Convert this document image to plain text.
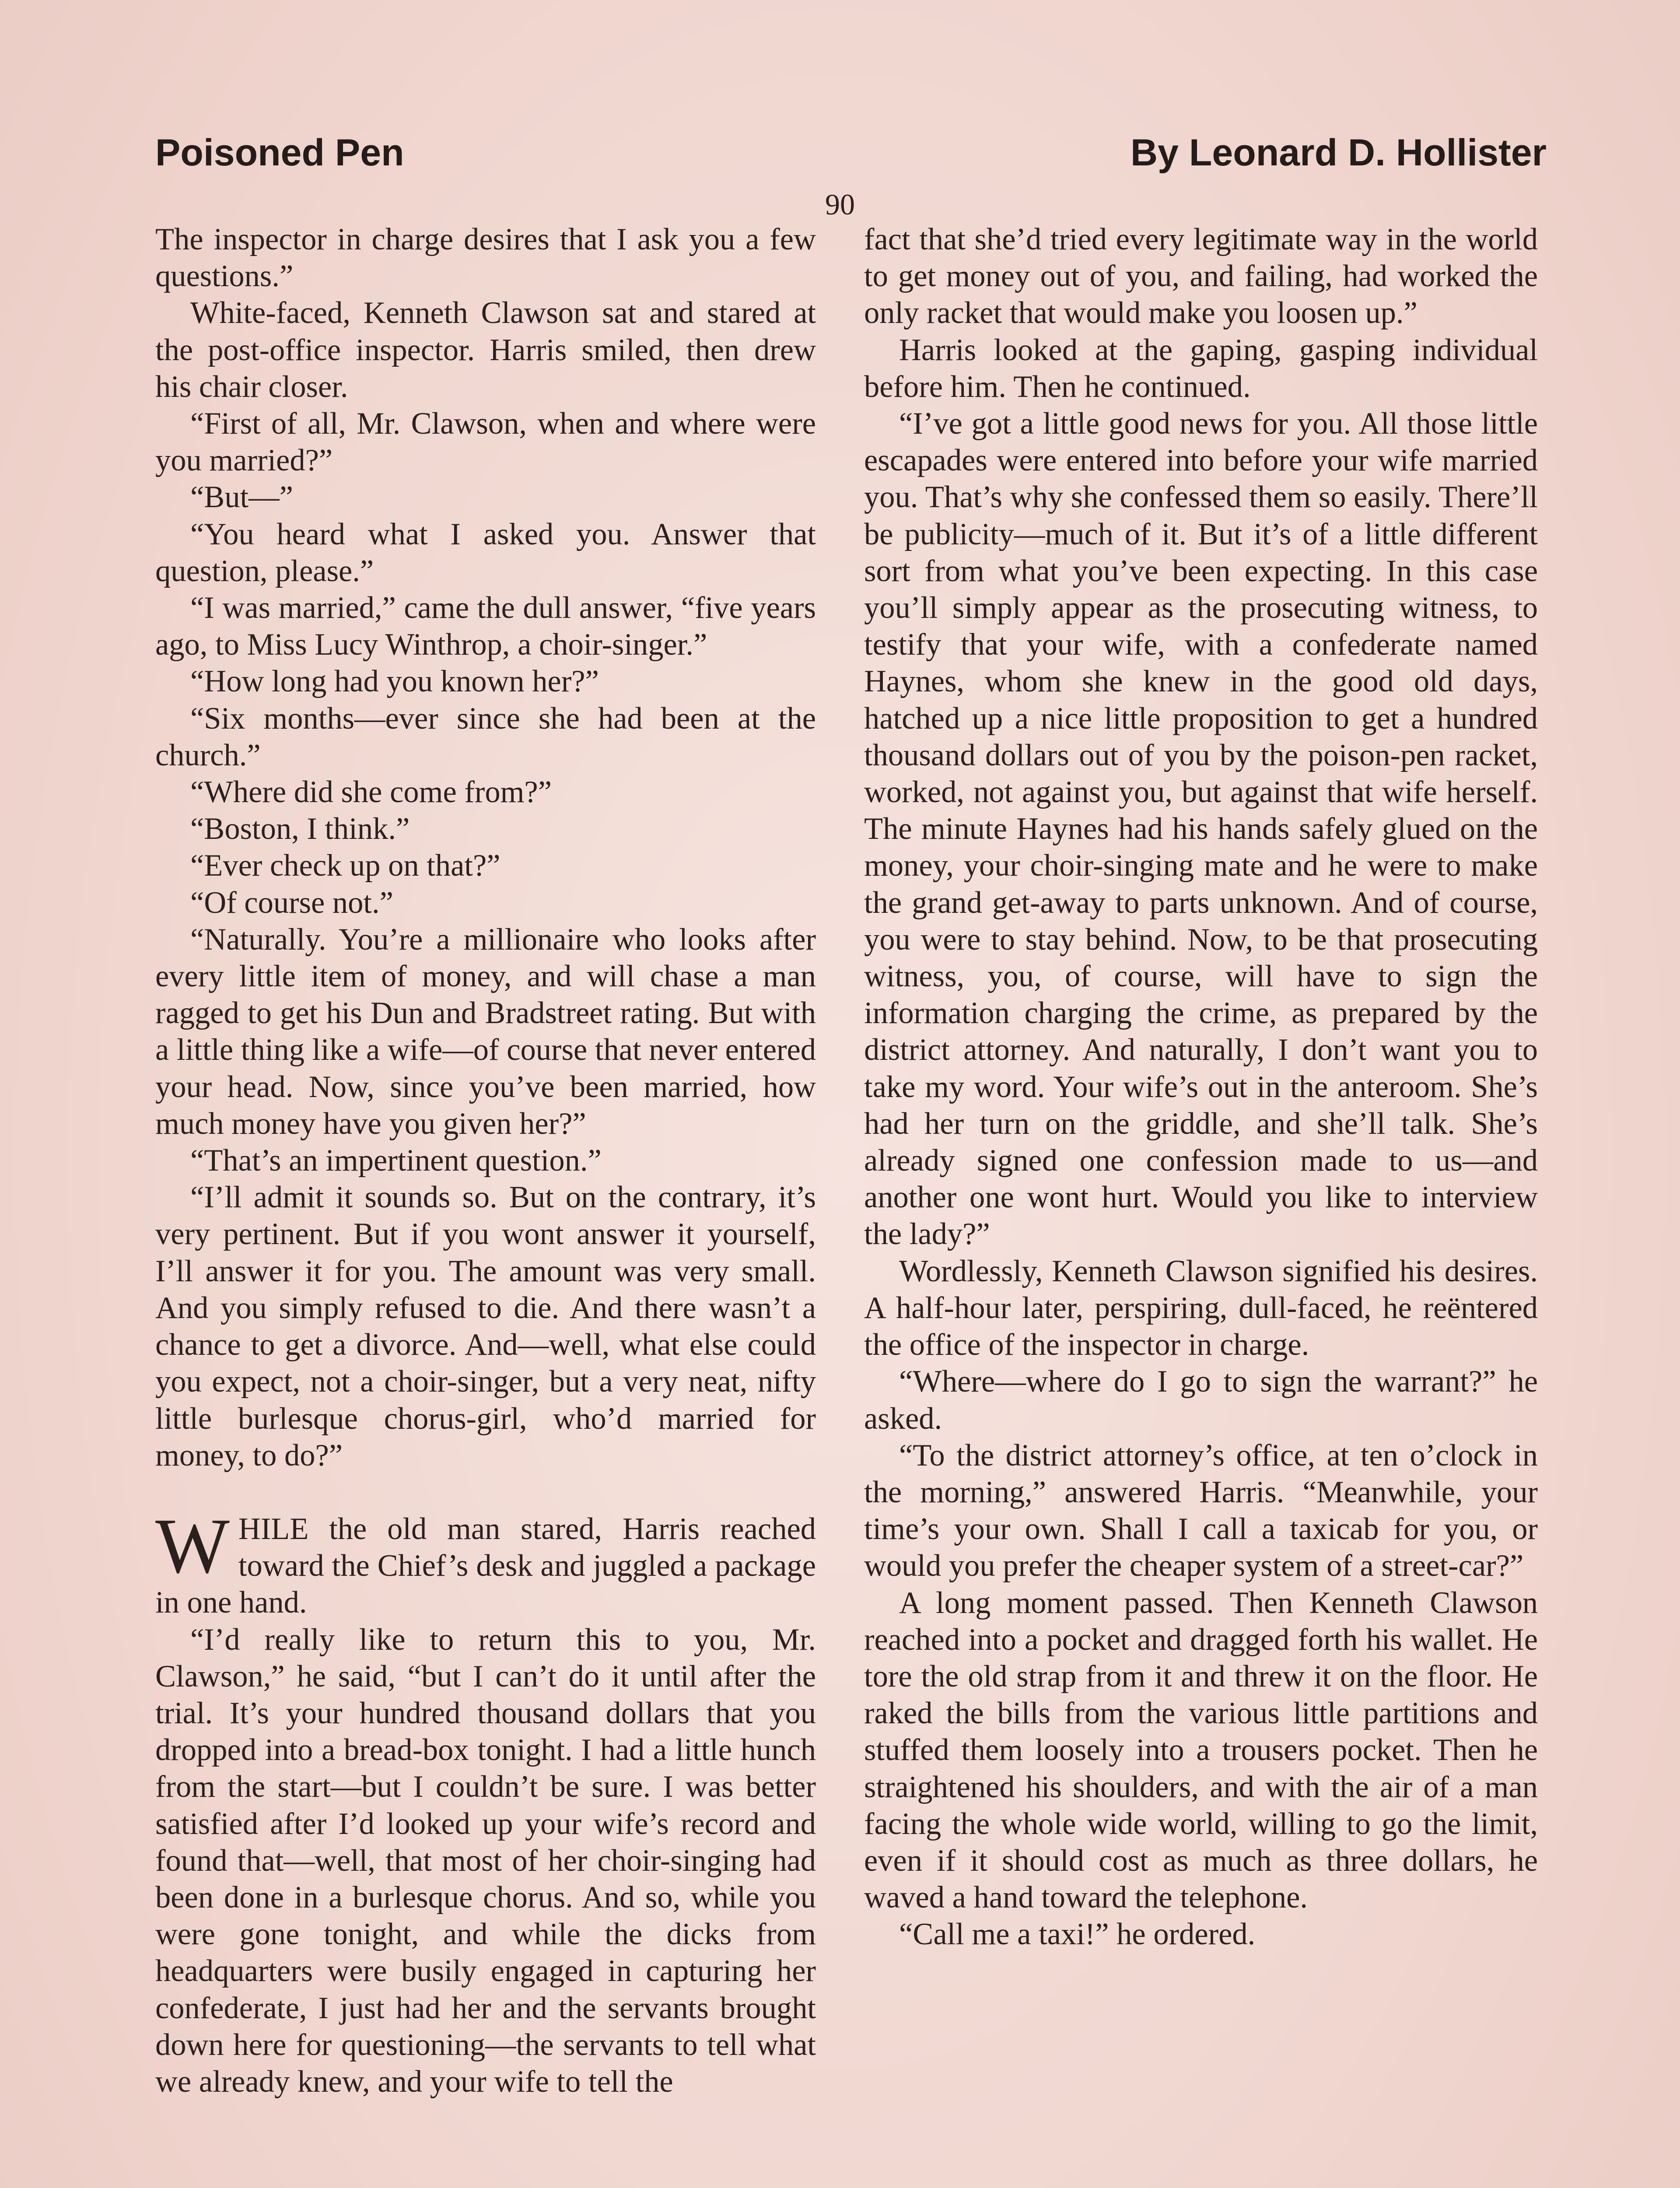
Poisoned Pen	By Leonard D. Hollister
90

The inspector in charge desires that I ask you a few questions.”

White-faced, Kenneth Clawson sat and stared at the post-office inspector. Harris smiled, then drew his chair closer.

“First of all, Mr. Clawson, when and where were you married?”

“But—”

“You heard what I asked you. Answer that question, please.”

“I was married,” came the dull answer, “five years ago, to Miss Lucy Winthrop, a choir-singer.”

“How long had you known her?”

“Six months—ever since she had been at the church.”

“Where did she come from?”

“Boston, I think.”

“Ever check up on that?”

“Of course not.”

“Naturally. You’re a millionaire who looks after every little item of money, and will chase a man ragged to get his Dun and Bradstreet rating. But with a little thing like a wife—of course that never entered your head. Now, since you’ve been married, how much money have you given her?”

“That’s an impertinent question.”

“I’ll admit it sounds so. But on the contrary, it’s very pertinent. But if you wont answer it yourself, I’ll answer it for you. The amount was very small. And you simply refused to die. And there wasn’t a chance to get a divorce. And—well, what else could you expect, not a choir-singer, but a very neat, nifty little burlesque chorus-girl, who’d married for money, to do?”

WHILE the old man stared, Harris reached toward the Chief’s desk and juggled a package in one hand.

“I’d really like to return this to you, Mr. Clawson,” he said, “but I can’t do it until after the trial. It’s your hundred thousand dollars that you dropped into a bread-box tonight. I had a little hunch from the start—but I couldn’t be sure. I was better satisfied after I’d looked up your wife’s record and found that—well, that most of her choir-singing had been done in a burlesque chorus. And so, while you were gone tonight, and while the dicks from headquarters were busily engaged in capturing her confederate, I just had her and the servants brought down here for questioning—the servants to tell what we already knew, and your wife to tell the

fact that she’d tried every legitimate way in the world to get money out of you, and failing, had worked the only racket that would make you loosen up.”

Harris looked at the gaping, gasping individual before him. Then he continued.

“I’ve got a little good news for you. All those little escapades were entered into before your wife married you. That’s why she confessed them so easily. There’ll be publicity—much of it. But it’s of a little different sort from what you’ve been expecting. In this case you’ll simply appear as the prosecuting witness, to testify that your wife, with a confederate named Haynes, whom she knew in the good old days, hatched up a nice little proposition to get a hundred thousand dollars out of you by the poison-pen racket, worked, not against you, but against that wife herself. The minute Haynes had his hands safely glued on the money, your choir-singing mate and he were to make the grand get-away to parts unknown. And of course, you were to stay behind. Now, to be that prosecuting witness, you, of course, will have to sign the information charging the crime, as prepared by the district attorney. And naturally, I don’t want you to take my word. Your wife’s out in the anteroom. She’s had her turn on the griddle, and she’ll talk. She’s already signed one confession made to us—and another one wont hurt. Would you like to interview the lady?”

Wordlessly, Kenneth Clawson signified his desires. A half-hour later, perspiring, dull-faced, he reëntered the office of the inspector in charge.

“Where—where do I go to sign the warrant?” he asked.

“To the district attorney’s office, at ten o’clock in the morning,” answered Harris. “Meanwhile, your time’s your own. Shall I call a taxicab for you, or would you prefer the cheaper system of a street-car?”

A long moment passed. Then Kenneth Clawson reached into a pocket and dragged forth his wallet. He tore the old strap from it and threw it on the floor. He raked the bills from the various little partitions and stuffed them loosely into a trousers pocket. Then he straightened his shoulders, and with the air of a man facing the whole wide world, willing to go the limit, even if it should cost as much as three dollars, he waved a hand toward the telephone.

“Call me a taxi!” he ordered.
